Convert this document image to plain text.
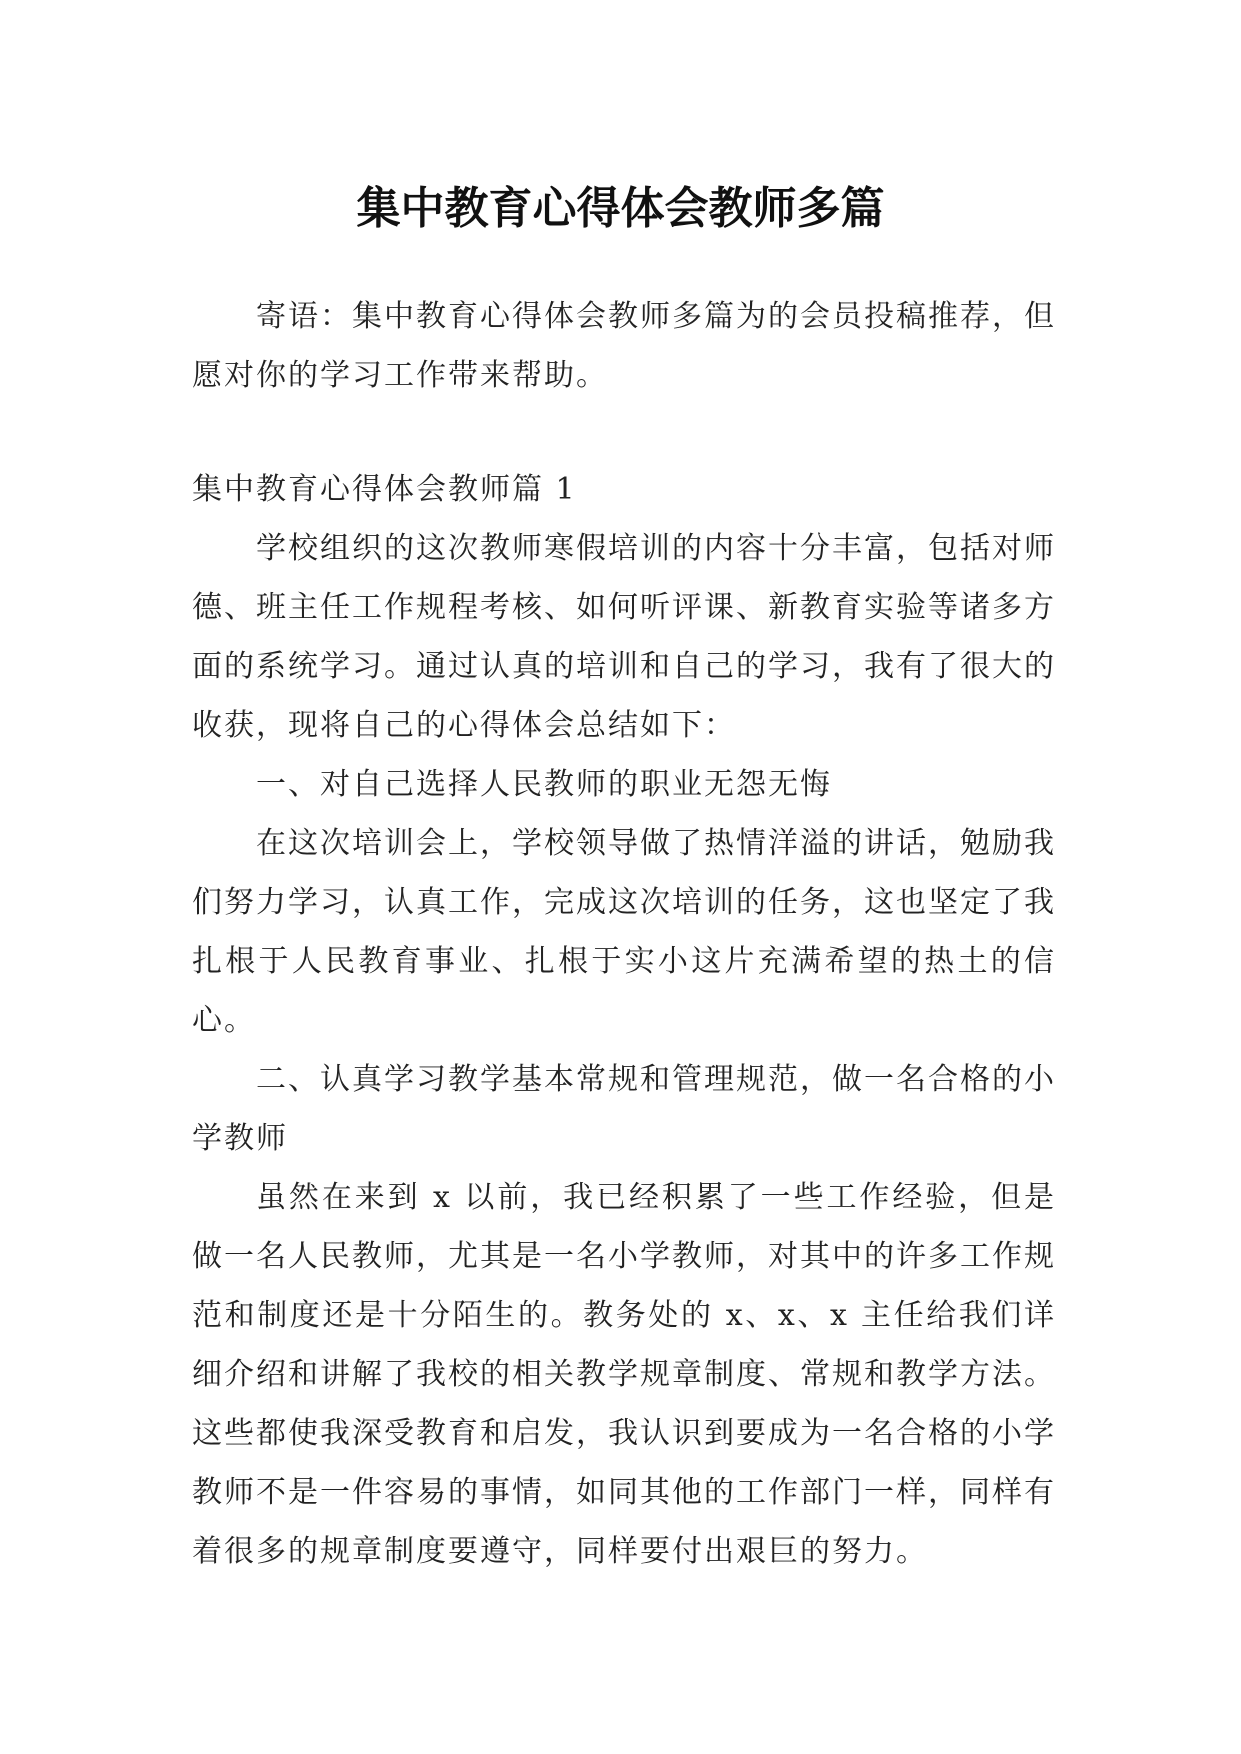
集中教育心得体会教师多篇

寄语：集中教育心得体会教师多篇为的会员投稿推荐，但愿对你的学习工作带来帮助。

集中教育心得体会教师篇 1

学校组织的这次教师寒假培训的内容十分丰富，包括对师德、班主任工作规程考核、如何听评课、新教育实验等诸多方面的系统学习。通过认真的培训和自己的学习，我有了很大的收获，现将自己的心得体会总结如下：

一、对自己选择人民教师的职业无怨无悔

在这次培训会上，学校领导做了热情洋溢的讲话，勉励我们努力学习，认真工作，完成这次培训的任务，这也坚定了我扎根于人民教育事业、扎根于实小这片充满希望的热土的信心。

二、认真学习教学基本常规和管理规范，做一名合格的小学教师

虽然在来到 x 以前，我已经积累了一些工作经验，但是做一名人民教师，尤其是一名小学教师，对其中的许多工作规范和制度还是十分陌生的。教务处的 x、x、x 主任给我们详细介绍和讲解了我校的相关教学规章制度、常规和教学方法。这些都使我深受教育和启发，我认识到要成为一名合格的小学教师不是一件容易的事情，如同其他的工作部门一样，同样有着很多的规章制度要遵守，同样要付出艰巨的努力。
